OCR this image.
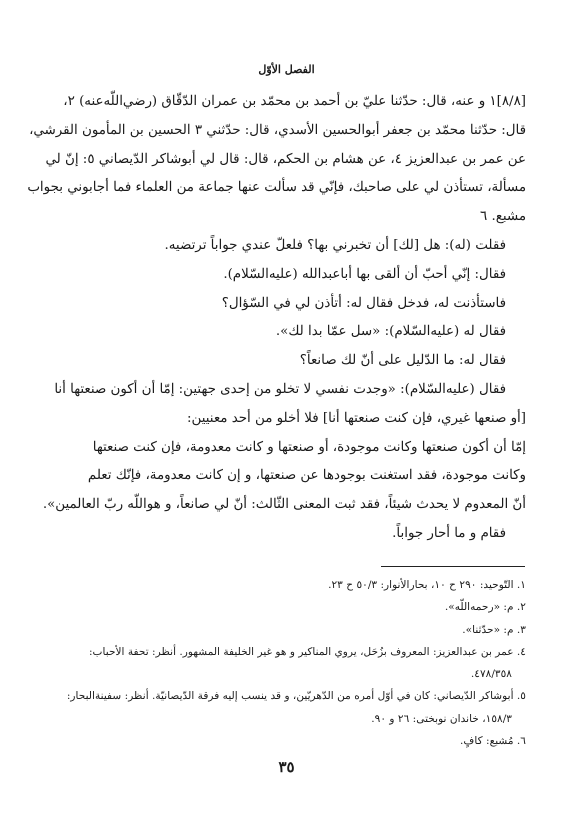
الفصل الأوّل

[٨/٨]١ و عنه، قال: حدّثنا عليّ بن أحمد بن محمّد بن عمران الدّقّاق (رضي‌اللّه‌عنه) ٢،

قال: حدّثنا محمّد بن جعفر أبوالحسين الأسدي، قال: حدّثني ٣ الحسين بن المأمون القرشي،

عن عمر بن عبدالعزيز ٤، عن هشام بن الحكم، قال: قال لي أبوشاكر الدّيصاني ٥: إنّ لي

مسألة، تستأذن لي على صاحبك، فإنّي قد سألت عنها جماعة من العلماء فما أجابوني بجواب

مشبع. ٦

فقلت (له): هل [لك] أن تخبرني بها؟ فلعلّ عندي جواباً ترتضيه.

فقال: إنّي أحبّ أن ألقى بها أباعبدالله (عليه‌السّلام).

فاستأذنت له، فدخل فقال له: أتأذن لي في السّؤال؟

فقال له (عليه‌السّلام): «سل عمّا بدا لك».

فقال له: ما الدّليل على أنّ لك صانعاً؟

فقال (عليه‌السّلام): «وجدت نفسي لا تخلو من إحدى جهتين: إمّا أن أكون صنعتها أنا

[أو صنعها غيري، فإن كنت صنعتها أنا] فلا أخلو من أحد معنيين:

إمّا أن أكون صنعتها وكانت موجودة، أو صنعتها و كانت معدومة، فإن كنت صنعتها

وكانت موجودة، فقد استغنت بوجودها عن صنعتها، و إن كانت معدومة، فإنّك تعلم

أنّ المعدوم لا يحدث شيئاً، فقد ثبت المعنى الثّالث: أنّ لي صانعاً، و هواللّه ربّ العالمين».

فقام و ما أحار جواباً.

١. التّوحيد: ٢٩٠ ح ١٠، بحارالأنوار: ٥٠/٣ ح ٢٣.

٢. م: «رحمه‌اللّه».

٣. م: «حدّثنا».

٤. عمر بن عبدالعزيز: المعروف بزُحَل، يروي المناكير و هو غير الخليفة المشهور. أنظر: تحفة الأحباب:

٤٧٨/٣٥٨.

٥. أبوشاكر الدّيصاني: كان في أوّل أمره من الدّهريّين، و قد ينسب إليه فرقة الدّيصانيّة. أنظر: سفينةالبحار:

١٥٨/٣، خاندان نوبختی: ٢٦ و ٩٠.

٦. مُشبع: كافٍ.

٣٥
